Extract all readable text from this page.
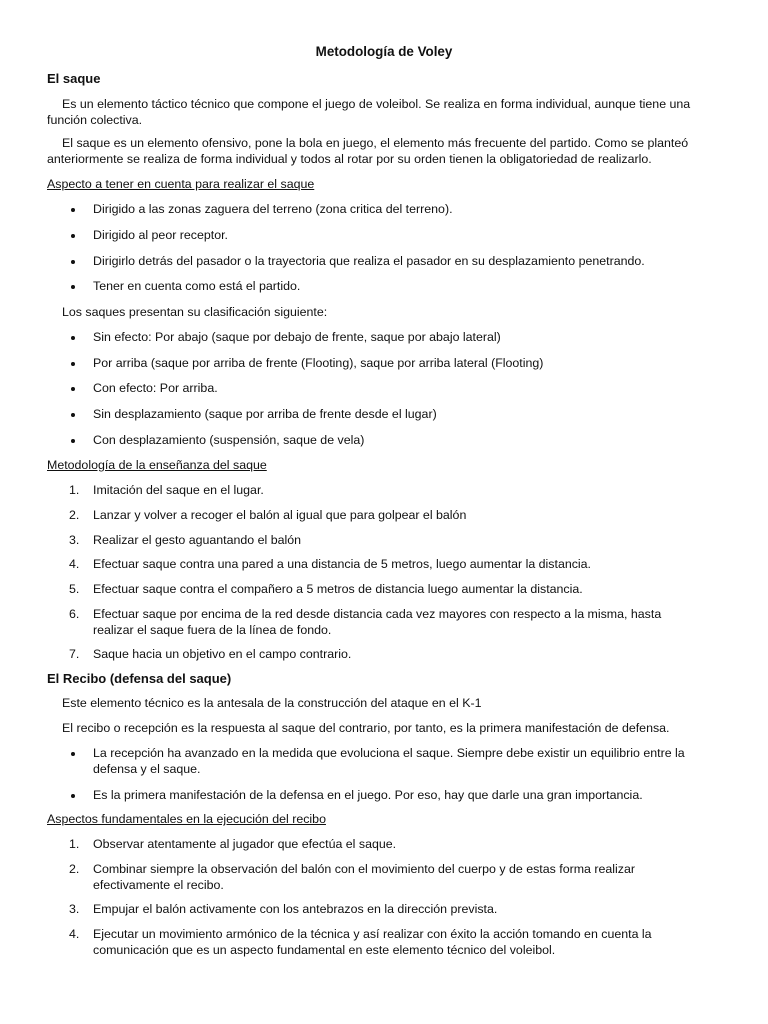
Metodología de Voley
El saque
Es un elemento táctico técnico que compone el juego de voleibol. Se realiza en forma individual, aunque tiene una
función colectiva.
El saque es un elemento ofensivo, pone la bola en juego, el elemento más frecuente del partido. Como se planteó
anteriormente se realiza de forma individual y todos al rotar por su orden tienen la obligatoriedad de realizarlo.
Aspecto a tener en cuenta para realizar el saque
Dirigido a las zonas zaguera del terreno (zona critica del terreno).
Dirigido al peor receptor.
Dirigirlo detrás del pasador o la trayectoria que realiza el pasador en su desplazamiento penetrando.
Tener en cuenta como está el partido.
Los saques presentan su clasificación siguiente:
Sin efecto: Por abajo (saque por debajo de frente, saque por abajo lateral)
Por arriba (saque por arriba de frente (Flooting), saque por arriba lateral (Flooting)
Con efecto: Por arriba.
Sin desplazamiento (saque por arriba de frente desde el lugar)
Con desplazamiento (suspensión, saque de vela)
Metodología de la enseñanza del saque
1. Imitación del saque en el lugar.
2. Lanzar y volver a recoger el balón al igual que para golpear el balón
3. Realizar el gesto aguantando el balón
4. Efectuar saque contra una pared a una distancia de 5 metros, luego aumentar la distancia.
5. Efectuar saque contra el compañero a 5 metros de distancia luego aumentar la distancia.
6. Efectuar saque por encima de la red desde distancia cada vez mayores con respecto a la misma, hasta
realizar el saque fuera de la línea de fondo.
7. Saque hacia un objetivo en el campo contrario.
El Recibo (defensa del saque)
Este elemento técnico es la antesala de la construcción del ataque en el K-1
El recibo o recepción es la respuesta al saque del contrario, por tanto, es la primera manifestación de defensa.
La recepción ha avanzado en la medida que evoluciona el saque. Siempre debe existir un equilibrio entre la
defensa y el saque.
Es la primera manifestación de la defensa en el juego. Por eso, hay que darle una gran importancia.
Aspectos fundamentales en la ejecución del recibo
1. Observar atentamente al jugador que efectúa el saque.
2. Combinar siempre la observación del balón con el movimiento del cuerpo y de estas forma realizar
efectivamente el recibo.
3. Empujar el balón activamente con los antebrazos en la dirección prevista.
4. Ejecutar un movimiento armónico de la técnica y así realizar con éxito la acción tomando en cuenta la
comunicación que es un aspecto fundamental en este elemento técnico del voleibol.
